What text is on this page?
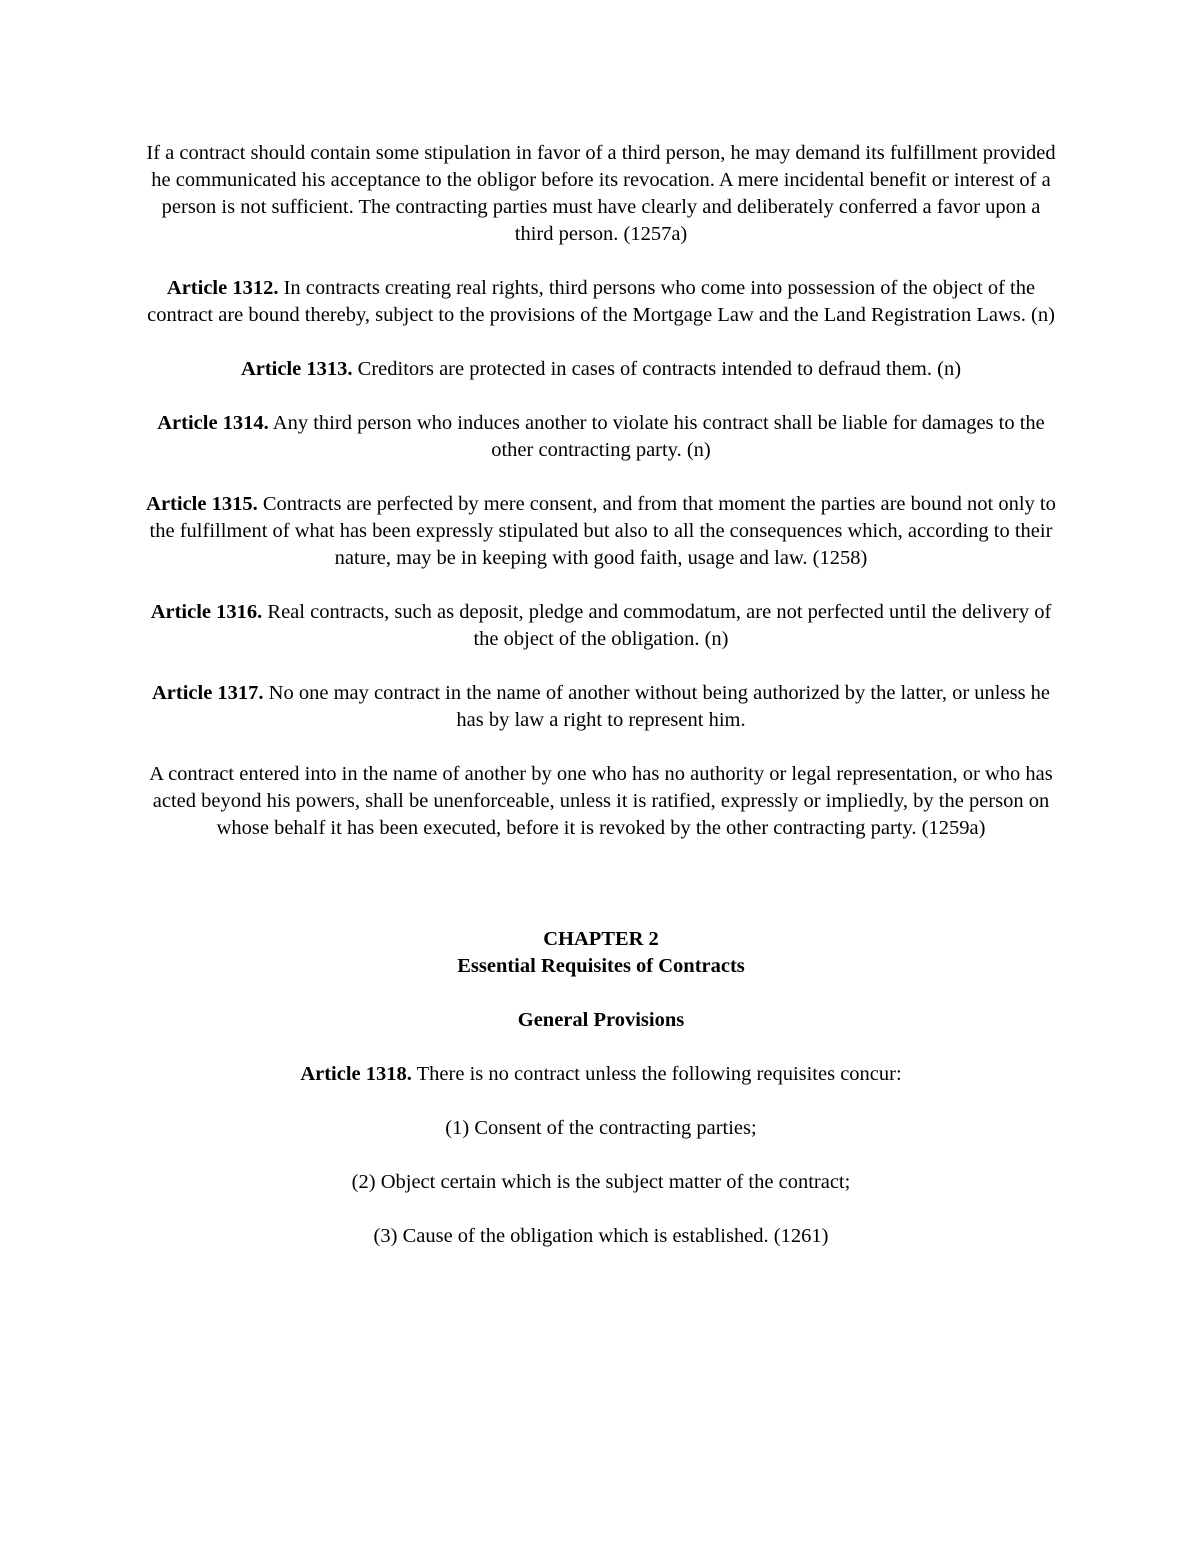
If a contract should contain some stipulation in favor of a third person, he may demand its fulfillment provided he communicated his acceptance to the obligor before its revocation. A mere incidental benefit or interest of a person is not sufficient. The contracting parties must have clearly and deliberately conferred a favor upon a third person. (1257a)

Article 1312. In contracts creating real rights, third persons who come into possession of the object of the contract are bound thereby, subject to the provisions of the Mortgage Law and the Land Registration Laws. (n)

Article 1313. Creditors are protected in cases of contracts intended to defraud them. (n)

Article 1314. Any third person who induces another to violate his contract shall be liable for damages to the other contracting party. (n)

Article 1315. Contracts are perfected by mere consent, and from that moment the parties are bound not only to the fulfillment of what has been expressly stipulated but also to all the consequences which, according to their nature, may be in keeping with good faith, usage and law. (1258)

Article 1316. Real contracts, such as deposit, pledge and commodatum, are not perfected until the delivery of the object of the obligation. (n)

Article 1317. No one may contract in the name of another without being authorized by the latter, or unless he has by law a right to represent him.

A contract entered into in the name of another by one who has no authority or legal representation, or who has acted beyond his powers, shall be unenforceable, unless it is ratified, expressly or impliedly, by the person on whose behalf it has been executed, before it is revoked by the other contracting party. (1259a)

CHAPTER 2

Essential Requisites of Contracts

General Provisions

Article 1318. There is no contract unless the following requisites concur:

(1) Consent of the contracting parties;

(2) Object certain which is the subject matter of the contract;

(3) Cause of the obligation which is established. (1261)
